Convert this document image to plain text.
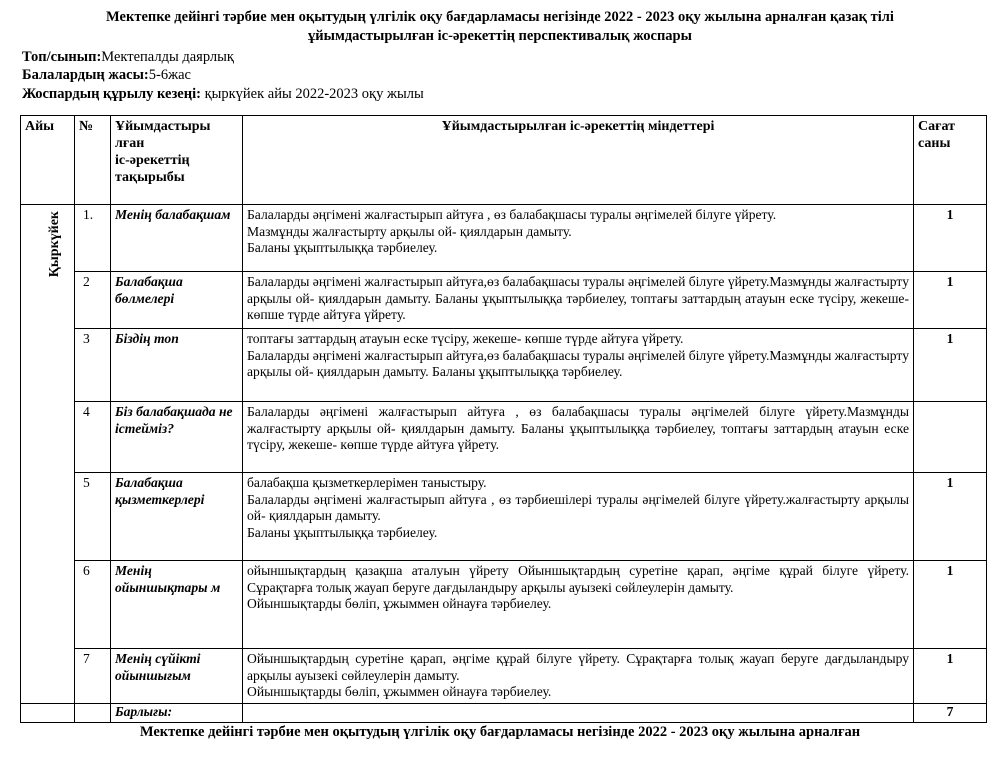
Мектепке дейінгі тәрбие мен оқытудың үлгілік оқу бағдарламасы негізінде 2022 - 2023 оқу жылына арналған қазақ тілі
ұйымдастырылған іс-әрекеттің перспективалық жоспары
Топ/сынып:Мектепалды даярлық
Балалардың жасы:5-6жас
Жоспардың құрылу кезеңі: қыркүйек айы 2022-2023 оқу жылы
Айы	№	Ұйымдастыры
лған
іс-әрекеттің
тақырыбы	Ұйымдастырылған іс-әрекеттің міндеттері	Сағат
саны

Қыркүйек	1.	Менің балабақшам	Балаларды әңгімені жалғастырып айтуға , өз балабақшасы туралы әңгімелей білуге үйрету.
Мазмұнды жалғастырту арқылы ой- қиялдарын дамыту.
Баланы ұқыптылыққа тәрбиелеу.	1
	2	Балабақша бөлмелері	Балаларды әңгімені жалғастырып айтуға,өз балабақшасы туралы әңгімелей білуге үйрету.Мазмұнды жалғастырту арқылы ой- қиялдарын дамыту. Баланы ұқыптылыққа тәрбиелеу, топтағы заттардың атауын еске түсіру, жекеше- көпше түрде айтуға үйрету.	1
	3	Біздің топ	топтағы заттардың атауын еске түсіру, жекеше- көпше түрде айтуға үйрету.
Балаларды әңгімені жалғастырып айтуға,өз балабақшасы туралы әңгімелей білуге үйрету.Мазмұнды жалғастырту арқылы ой- қиялдарын дамыту. Баланы ұқыптылыққа тәрбиелеу.	1
	4	Біз балабақшада не істейміз?	Балаларды әңгімені жалғастырып айтуға , өз балабақшасы туралы әңгімелей білуге үйрету.Мазмұнды жалғастырту арқылы ой- қиялдарын дамыту. Баланы ұқыптылыққа тәрбиелеу, топтағы заттардың атауын еске түсіру, жекеше- көпше түрде айтуға үйрету.	
	5	Балабақша қызметкерлері	балабақша қызметкерлерімен таныстыру.
Балаларды әңгімені жалғастырып айтуға , өз тәрбиешілері туралы әңгімелей білуге үйрету.жалғастырту арқылы ой- қиялдарын дамыту.
Баланы ұқыптылыққа тәрбиелеу.	1
	6	Менің ойыншықтары м	ойыншықтардың қазақша аталуын үйрету Ойыншықтардың суретіне қарап, әңгіме құрай білуге үйрету. Сұрақтарға толық жауап беруге дағдыландыру арқылы ауызекі сөйлеулерін дамыту.
Ойыншықтарды бөліп, ұжыммен ойнауға тәрбиелеу.	1
	7	Менің сүйікті ойыншығым	Ойыншықтардың суретіне қарап, әңгіме құрай білуге үйрету. Сұрақтарға толық жауап беруге дағдыландыру арқылы ауызекі сөйлеулерін дамыту.
Ойыншықтарды бөліп, ұжыммен ойнауға тәрбиелеу.	1
		Барлығы:		7
Мектепке дейінгі тәрбие мен оқытудың үлгілік оқу бағдарламасы негізінде 2022 - 2023 оқу жылына арналған
